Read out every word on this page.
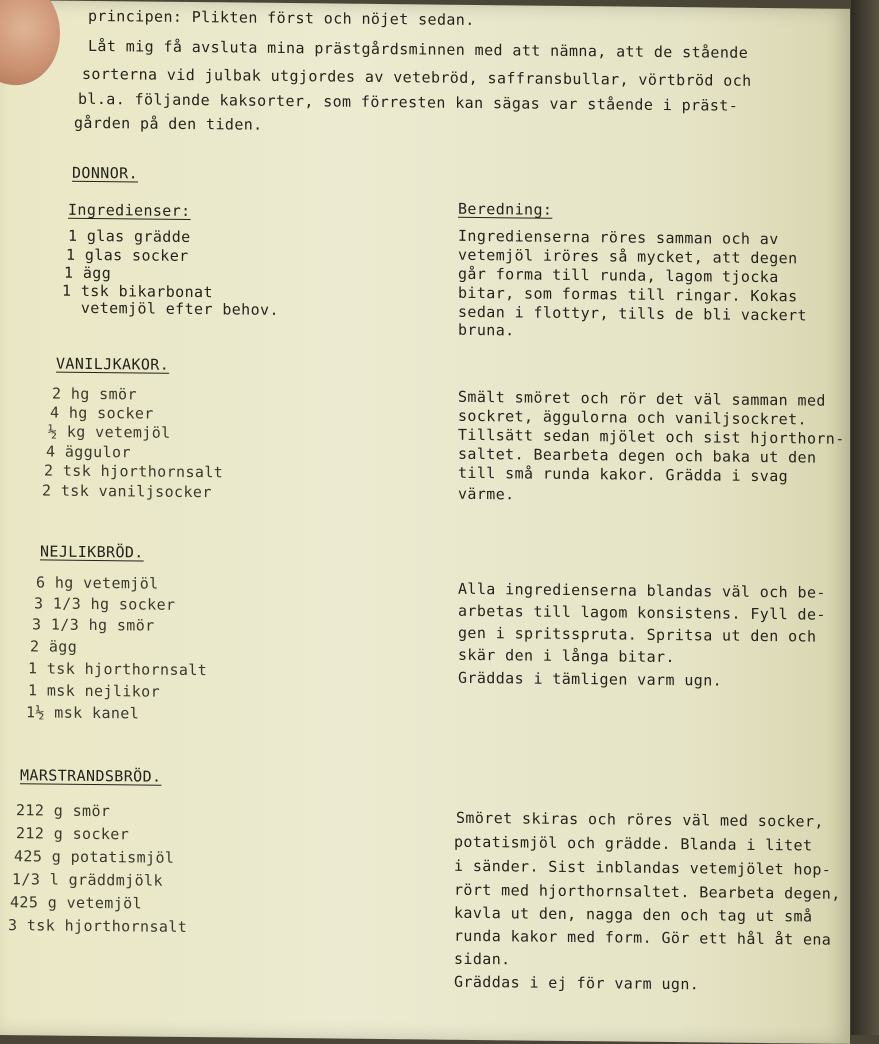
principen: Plikten först och nöjet sedan.
Låt mig få avsluta mina prästgårdsminnen med att nämna, att de stående
sorterna vid julbak utgjordes av vetebröd, saffransbullar, vörtbröd och
bl.a. följande kaksorter, som förresten kan sägas var stående i präst-
gården på den tiden.
DONNOR.
Ingredienser:	Beredning:
1 glas grädde
1 glas socker
1 ägg
1 tsk bikarbonat
vetemjöl efter behov.
Ingredienserna röres samman och av
vetemjöl iröres så mycket, att degen
går forma till runda, lagom tjocka
bitar, som formas till ringar. Kokas
sedan i flottyr, tills de bli vackert
bruna.
VANILJKAKOR.
2 hg smör
4 hg socker
½ kg vetemjöl
4 äggulor
2 tsk hjorthornsalt
2 tsk vaniljsocker
Smält smöret och rör det väl samman med
sockret, äggulorna och vaniljsockret.
Tillsätt sedan mjölet och sist hjorthorn-
saltet. Bearbeta degen och baka ut den
till små runda kakor. Grädda i svag
värme.
NEJLIKBRÖD.
6 hg vetemjöl
3 1/3 hg socker
3 1/3 hg smör
2 ägg
1 tsk hjorthornsalt
1 msk nejlikor
1½ msk kanel
Alla ingredienserna blandas väl och be-
arbetas till lagom konsistens. Fyll de-
gen i spritsspruta. Spritsa ut den och
skär den i långa bitar.
Gräddas i tämligen varm ugn.
MARSTRANDSBRÖD.
212 g smör
212 g socker
425 g potatismjöl
1/3 l gräddmjölk
425 g vetemjöl
3 tsk hjorthornsalt
Smöret skiras och röres väl med socker,
potatismjöl och grädde. Blanda i litet
i sänder. Sist inblandas vetemjölet hop-
rört med hjorthornsaltet. Bearbeta degen,
kavla ut den, nagga den och tag ut små
runda kakor med form. Gör ett hål åt ena
sidan.
Gräddas i ej för varm ugn.
